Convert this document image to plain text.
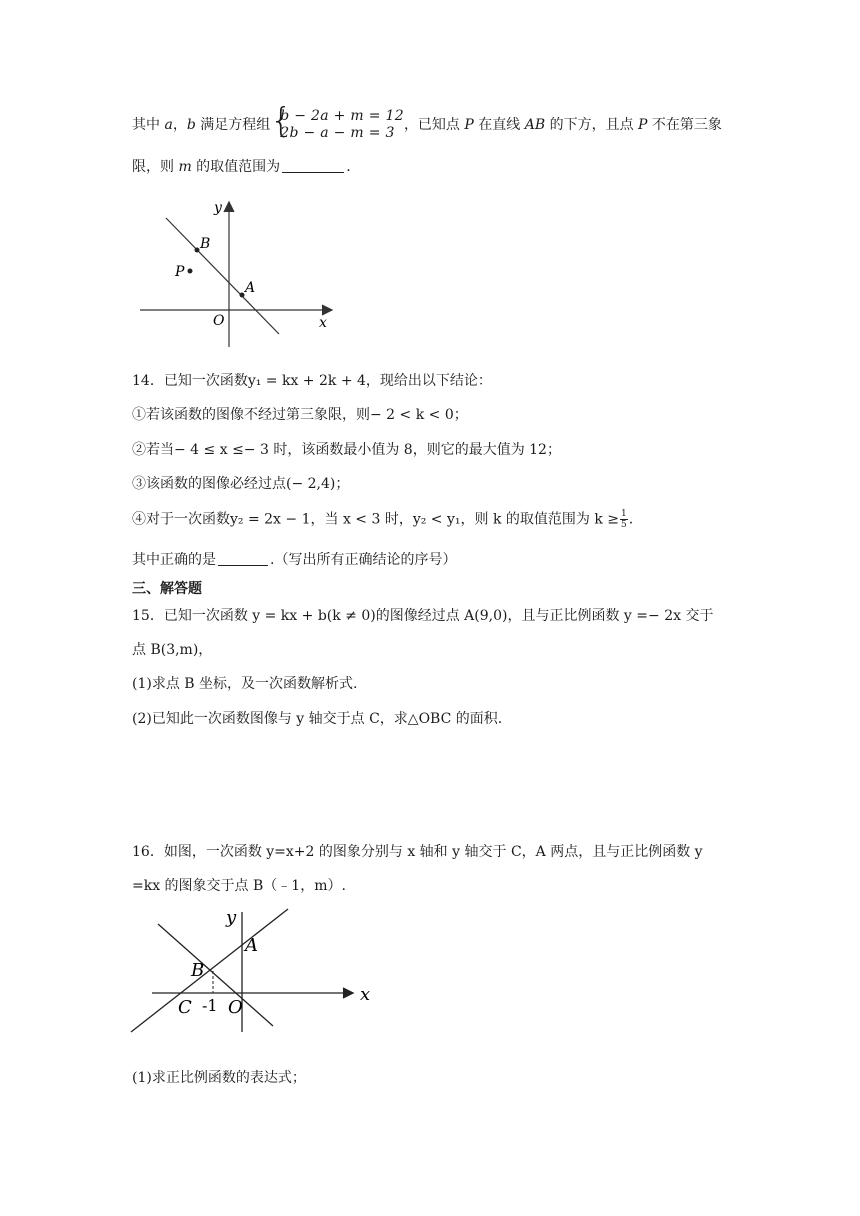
其中 a，b 满足方程组 {
b − 2a + m = 12
2b − a − m = 3 ，已知点 P 在直线 AB 的下方，且点 P 不在第三象
限，则 m 的取值范围为	.
y
x
O
B
P
A
14．已知一次函数y₁ = kx + 2k + 4，现给出以下结论：
①若该函数的图像不经过第三象限，则− 2 < k < 0；
②若当− 4 ≤ x ≤− 3 时，该函数最小值为 8，则它的最大值为 12；
③该函数的图像必经过点(− 2,4)；
④对于一次函数y₂ = 2x − 1，当 x < 3 时，y₂ < y₁，则 k 的取值范围为 $k \ge \frac{1}{5}$ .
其中正确的是	.（写出所有正确结论的序号）
三、解答题
15．已知一次函数 y = kx + b(k ≠ 0)的图像经过点 A(9,0)，且与正比例函数 y =− 2x 交于
点 B(3,m)，
(1)求点 B 坐标，及一次函数解析式.
(2)已知此一次函数图像与 y 轴交于点 C，求△OBC 的面积.
16．如图，一次函数 y=x+2 的图象分别与 x 轴和 y 轴交于 C，A 两点，且与正比例函数 y
=kx 的图象交于点 B（﹣1，m）.
y
A
B
C -1 O
x
(1)求正比例函数的表达式；
